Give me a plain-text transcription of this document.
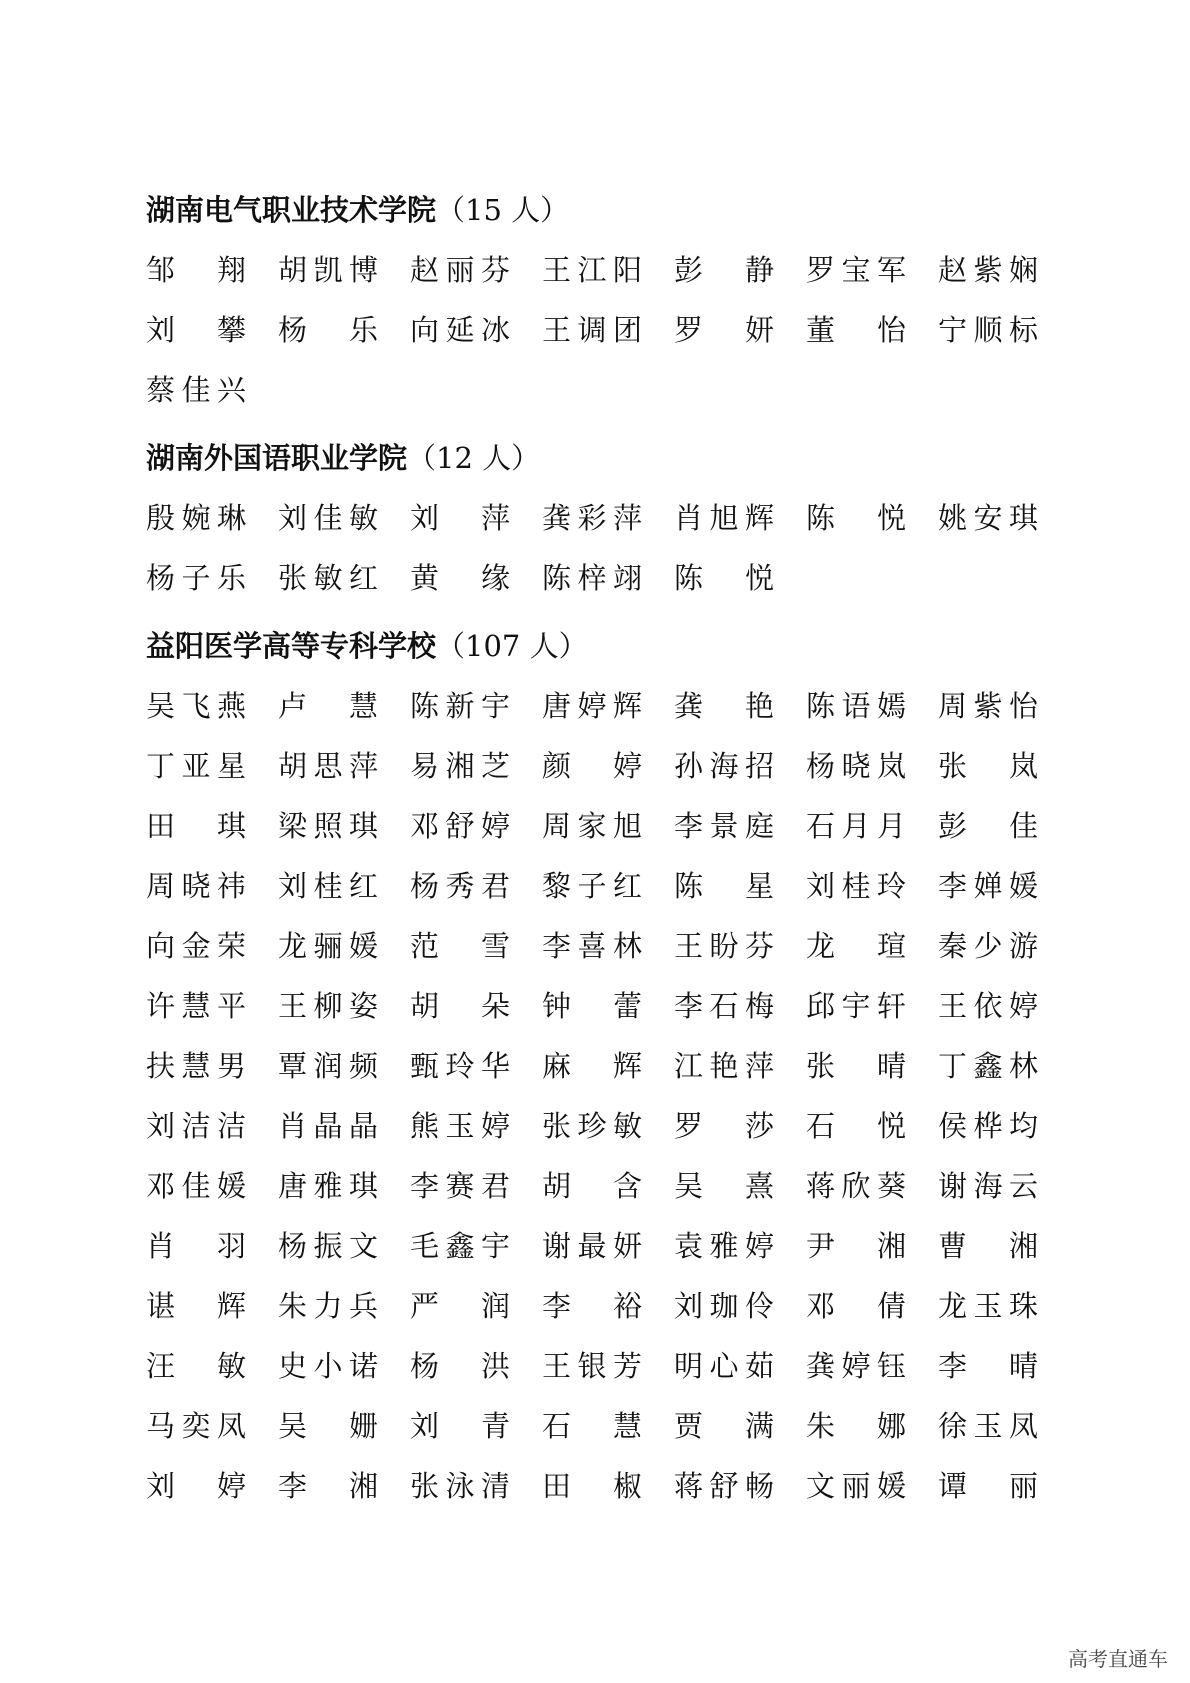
湖南电气职业技术学院（15 人）
邹 翔 胡 凯 博 赵 丽 芬 王 江 阳 彭 静 罗 宝 军 赵 紫 娴
刘 攀 杨 乐 向 延 冰 王 调 团 罗 妍 董 怡 宁 顺 标
蔡 佳 兴
湖南外国语职业学院（12 人）
殷 婉 琳 刘 佳 敏 刘 萍 龚 彩 萍 肖 旭 辉 陈 悦 姚 安 琪
杨 子 乐 张 敏 红 黄 缘 陈 梓 翊 陈 悦
益阳医学高等专科学校（107 人）
吴 飞 燕 卢 慧 陈 新 宇 唐 婷 辉 龚 艳 陈 语 嫣 周 紫 怡
丁 亚 星 胡 思 萍 易 湘 芝 颜 婷 孙 海 招 杨 晓 岚 张 岚
田 琪 梁 照 琪 邓 舒 婷 周 家 旭 李 景 庭 石 月 月 彭 佳
周 晓 祎 刘 桂 红 杨 秀 君 黎 子 红 陈 星 刘 桂 玲 李 婵 媛
向 金 荣 龙 骊 媛 范 雪 李 喜 林 王 盼 芬 龙 瑄 秦 少 游
许 慧 平 王 柳 姿 胡 朵 钟 蕾 李 石 梅 邱 宇 轩 王 依 婷
扶 慧 男 覃 润 频 甄 玲 华 麻 辉 江 艳 萍 张 晴 丁 鑫 林
刘 洁 洁 肖 晶 晶 熊 玉 婷 张 珍 敏 罗 莎 石 悦 侯 桦 均
邓 佳 媛 唐 雅 琪 李 赛 君 胡 含 吴 熹 蒋 欣 葵 谢 海 云
肖 羽 杨 振 文 毛 鑫 宇 谢 最 妍 袁 雅 婷 尹 湘 曹 湘
谌 辉 朱 力 兵 严 润 李 裕 刘 珈 伶 邓 倩 龙 玉 珠
汪 敏 史 小 诺 杨 洪 王 银 芳 明 心 茹 龚 婷 钰 李 晴
马 奕 凤 吴 姗 刘 青 石 慧 贾 满 朱 娜 徐 玉 凤
刘 婷 李 湘 张 泳 清 田 椒 蒋 舒 畅 文 丽 媛 谭 丽
高考直通车
